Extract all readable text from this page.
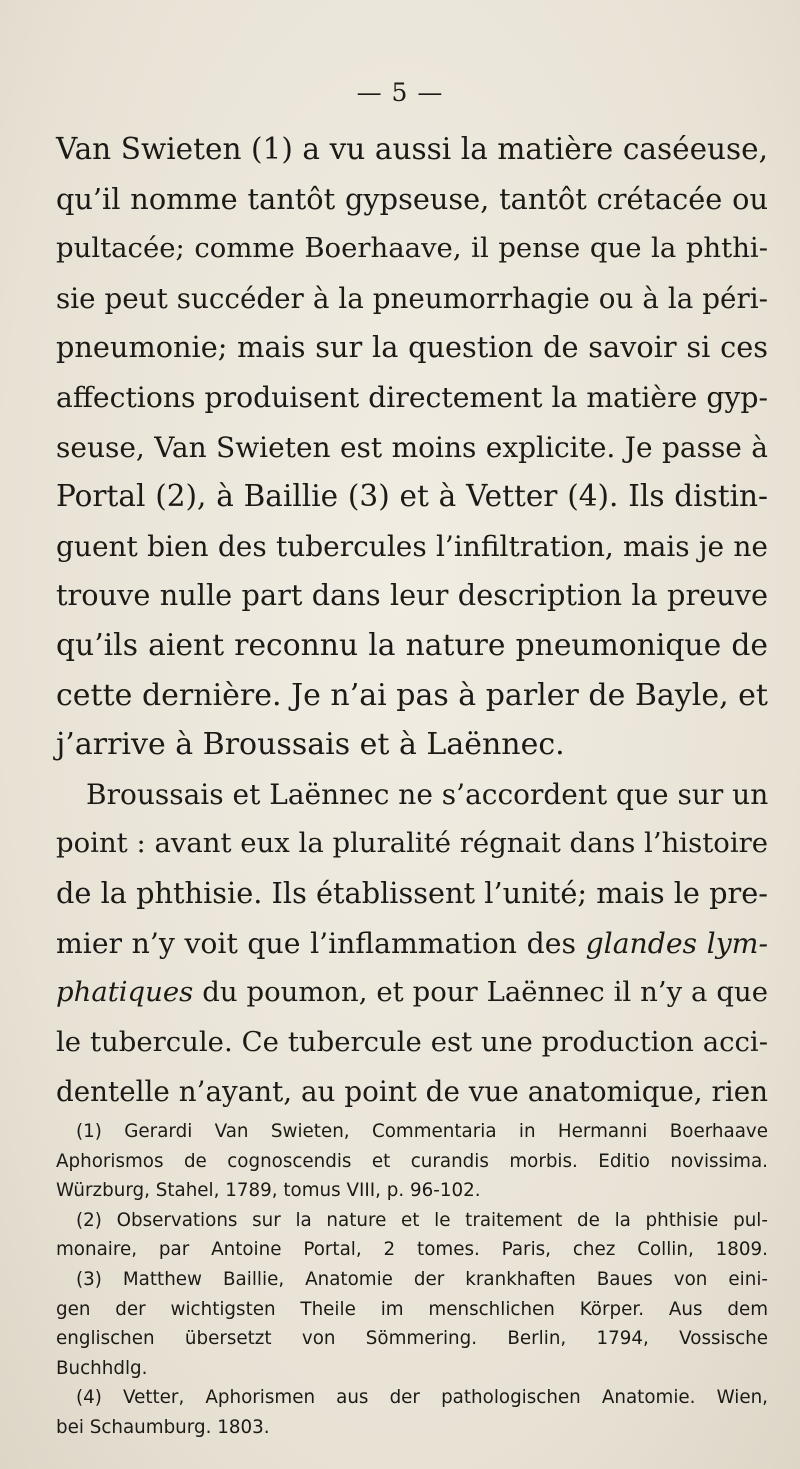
— 5 —
Van Swieten (1) a vu aussi la matière caséeuse,
qu’il nomme tantôt gypseuse, tantôt crétacée ou
pultacée; comme Boerhaave, il pense que la phthi-
sie peut succéder à la pneumorrhagie ou à la péri-
pneumonie; mais sur la question de savoir si ces
affections produisent directement la matière gyp-
seuse, Van Swieten est moins explicite. Je passe à
Portal (2), à Baillie (3) et à Vetter (4). Ils distin-
guent bien des tubercules l’infiltration, mais je ne
trouve nulle part dans leur description la preuve
qu’ils aient reconnu la nature pneumonique de
cette dernière. Je n’ai pas à parler de Bayle, et
j’arrive à Broussais et à Laënnec.
Broussais et Laënnec ne s’accordent que sur un
point : avant eux la pluralité régnait dans l’histoire
de la phthisie. Ils établissent l’unité; mais le pre-
mier n’y voit que l’inflammation des glandes lym-
phatiques du poumon, et pour Laënnec il n’y a que
le tubercule. Ce tubercule est une production acci-
dentelle n’ayant, au point de vue anatomique, rien
(1) Gerardi Van Swieten, Commentaria in Hermanni Boerhaave
Aphorismos de cognoscendis et curandis morbis. Editio novissima.
Würzburg, Stahel, 1789, tomus VIII, p. 96-102.
(2) Observations sur la nature et le traitement de la phthisie pul-
monaire, par Antoine Portal, 2 tomes. Paris, chez Collin, 1809.
(3) Matthew Baillie, Anatomie der krankhaften Baues von eini-
gen der wichtigsten Theile im menschlichen Körper. Aus dem
englischen übersetzt von Sömmering. Berlin, 1794, Vossische
Buchhdlg.
(4) Vetter, Aphorismen aus der pathologischen Anatomie. Wien,
bei Schaumburg. 1803.
